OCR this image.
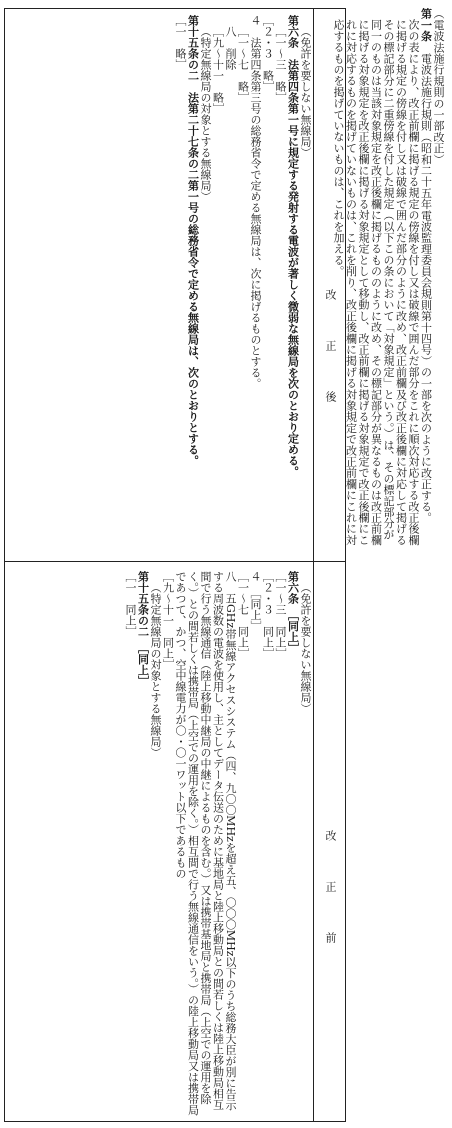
（電波法施行規則の一部改正）

第一条　電波法施行規則（昭和二十五年電波監理委員会規則第十四号）の一部を次のように改正する。

次の表により、改正前欄に掲げる規定の傍線を付し又は破線で囲んだ部分をこれに順次対応する改正後欄に掲げる規定の傍線を付し又は破線で囲んだ部分のように改め、改正前欄及び改正後欄に対応して掲げるその標記部分に二重傍線を付した規定（以下この条において「対象規定」という。）は、その標記部分が同一のものは当該対象規定を改正後欄に掲げるもののように改め、その標記部分が異なるものは改正前欄に掲げる対象規定を改正後欄に掲げる対象規定として移動し、改正前欄に掲げる対象規定で改正後欄にこれに対応するものを掲げていないものは、これを削り、改正後欄に掲げる対象規定で改正前欄にこれに対応するものを掲げていないものは、これを加える。

改正後
改正前

（免許を要しない無線局）

第六条　法第四条第一号に規定する発射する電波が著しく微弱な無線局を次のとおり定める。

［一～三　略］

［２・３　略］

４　法第四条第三号の総務省令で定める無線局は、次に掲げるものとする。

［一～七　略］

八　削除

［九～十一　略］

（特定無線局の対象とする無線局）

第十五条の二　法第二十七条の二第一号の総務省令で定める無線局は、次のとおりとする。

［一　略］

（免許を要しない無線局）

第六条　［同上］

［一～三　同上］

［２・３　同上］

４　［同上］

［一～七　同上］

八　五GHz帯無線アクセスシステム（四、九〇〇MHzを超え五、〇〇〇MHz以下のうち総務大臣が別に告示する周波数の電波を使用し、主としてデータ伝送のために基地局と陸上移動局との間若しくは陸上移動局相互間で行う無線通信（陸上移動中継局の中継によるものを含む。）又は携帯基地局と携帯局（上空での運用を除く。）との間若しくは携帯局（上空での運用を除く。）相互間で行う無線通信をいう。）の陸上移動局又は携帯局であつて、かつ、空中線電力が〇・〇一ワット以下であるもの

［九～十一　同上］

（特定無線局の対象とする無線局）

第十五条の二　［同上］

［一　同上］
